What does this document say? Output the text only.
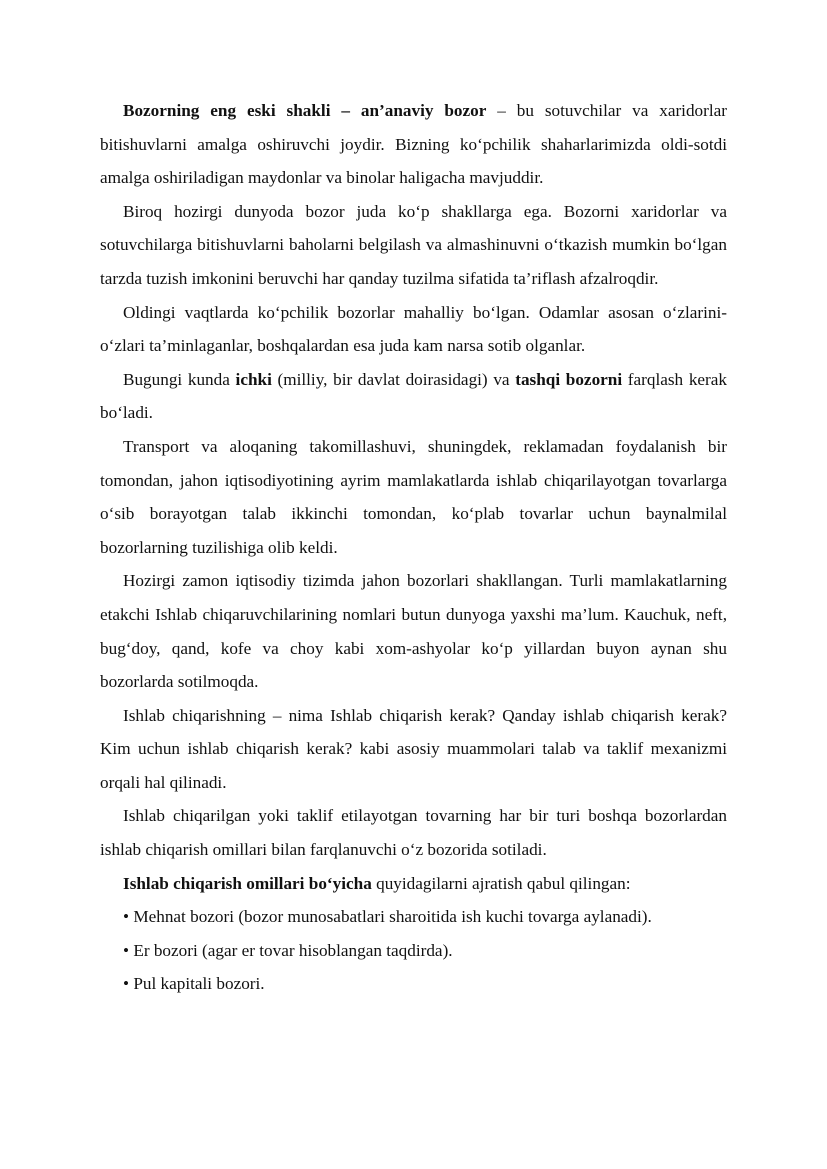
Bozorning eng eski shakli – an’anaviy bozor – bu sotuvchilar va xaridorlar bitishuvlarni amalga oshiruvchi joydir. Bizning ko‘pchilik shaharlarimizda oldi-sotdi amalga oshiriladigan maydonlar va binolar haligacha mavjuddir.

Biroq hozirgi dunyoda bozor juda ko‘p shakllarga ega. Bozorni xaridorlar va sotuvchilarga bitishuvlarni baholarni belgilash va almashinuvni o‘tkazish mumkin bo‘lgan tarzda tuzish imkonini beruvchi har qanday tuzilma sifatida ta’riflash afzalroqdir.

Oldingi vaqtlarda ko‘pchilik bozorlar mahalliy bo‘lgan. Odamlar asosan o‘zlarini-o‘zlari ta’minlaganlar, boshqalardan esa juda kam narsa sotib olganlar.

Bugungi kunda ichki (milliy, bir davlat doirasidagi) va tashqi bozorni farqlash kerak bo‘ladi.

Transport va aloqaning takomillashuvi, shuningdek, reklamadan foydalanish bir tomondan, jahon iqtisodiyotining ayrim mamlakatlarda ishlab chiqarilayotgan tovarlarga o‘sib borayotgan talab ikkinchi tomondan, ko‘plab tovarlar uchun baynalmilal bozorlarning tuzilishiga olib keldi.

Hozirgi zamon iqtisodiy tizimda jahon bozorlari shakllangan. Turli mamlakatlarning etakchi Ishlab chiqaruvchilarining nomlari butun dunyoga yaxshi ma’lum. Kauchuk, neft, bug‘doy, qand, kofe va choy kabi xom-ashyolar ko‘p yillardan buyon aynan shu bozorlarda sotilmoqda.

Ishlab chiqarishning – nima Ishlab chiqarish kerak? Qanday ishlab chiqarish kerak? Kim uchun ishlab chiqarish kerak? kabi asosiy muammolari talab va taklif mexanizmi orqali hal qilinadi.

Ishlab chiqarilgan yoki taklif etilayotgan tovarning har bir turi boshqa bozorlardan ishlab chiqarish omillari bilan farqlanuvchi o‘z bozorida sotiladi.

Ishlab chiqarish omillari bo‘yicha quyidagilarni ajratish qabul qilingan:

• Mehnat bozori (bozor munosabatlari sharoitida ish kuchi tovarga aylanadi).

• Er bozori (agar er tovar hisoblangan taqdirda).

• Pul kapitali bozori.
